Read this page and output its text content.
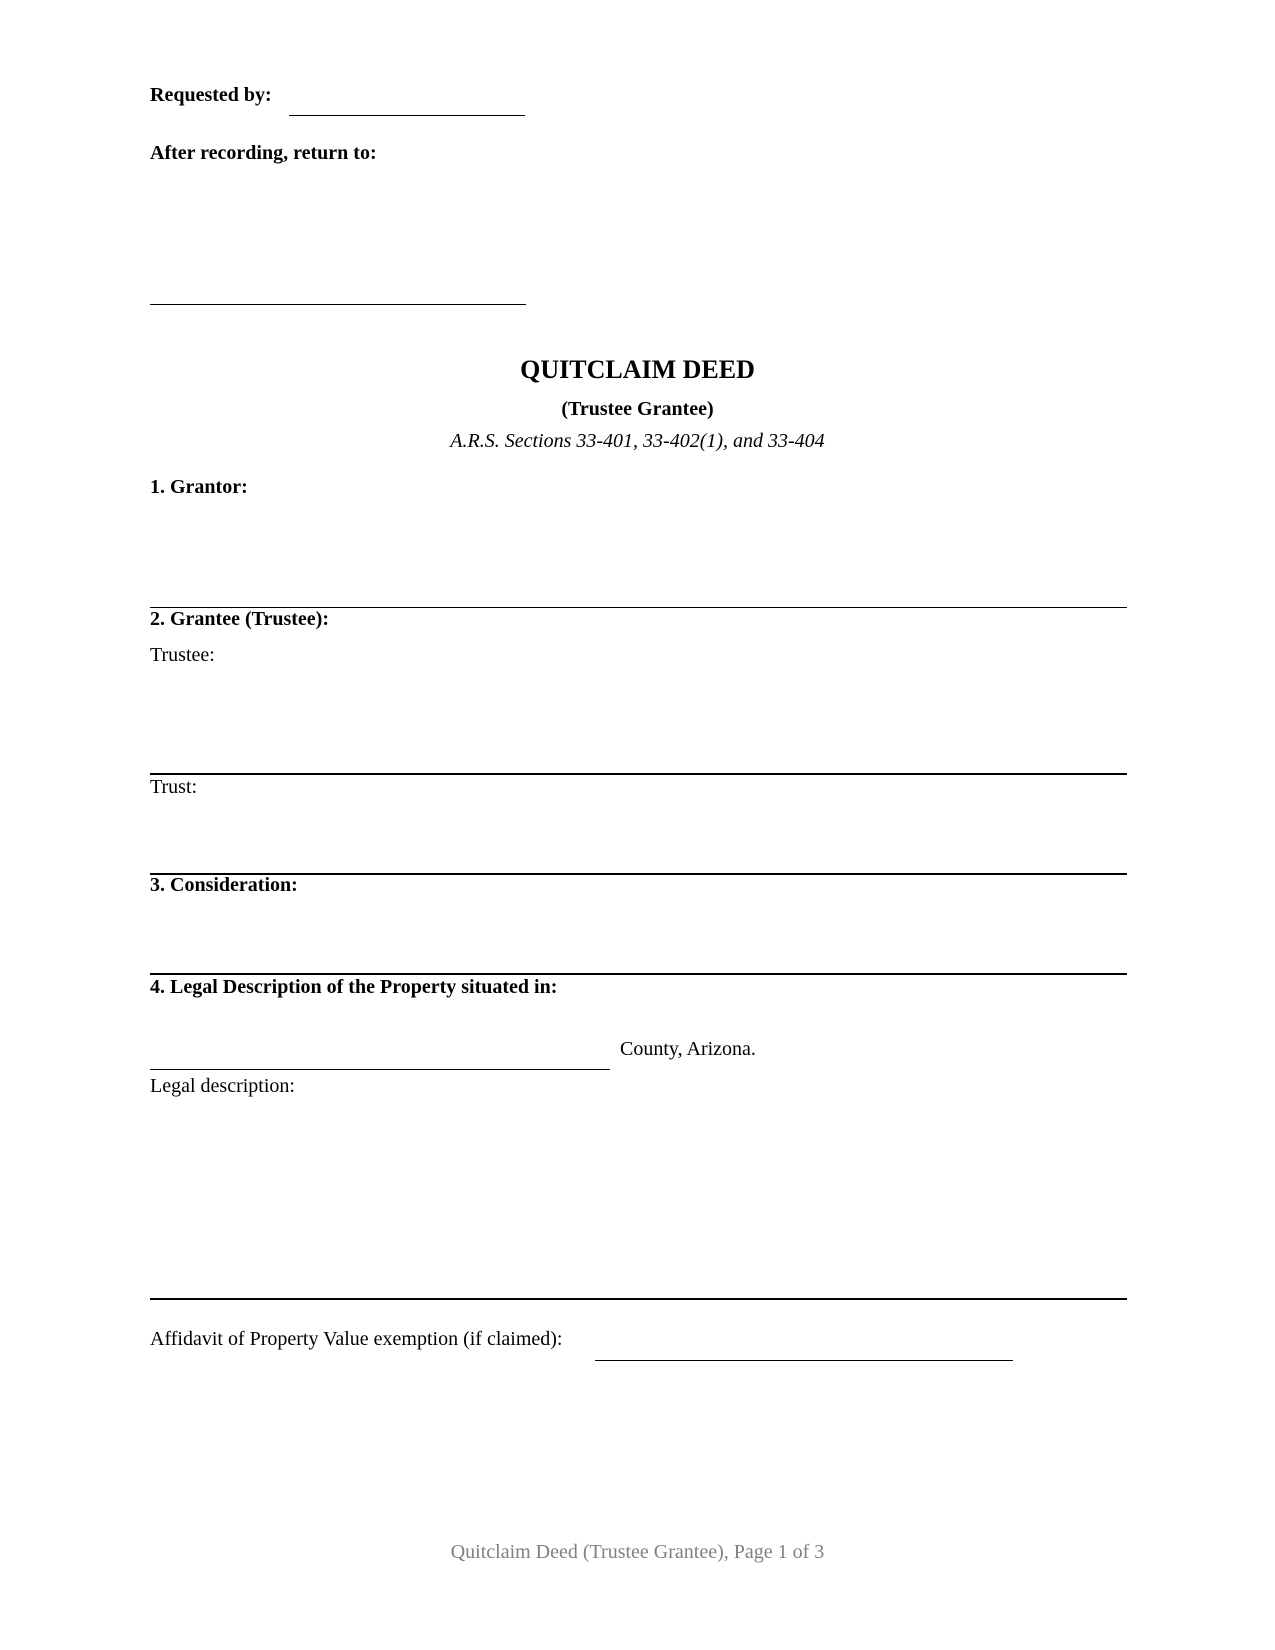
Requested by:
After recording, return to:
QUITCLAIM DEED
(Trustee Grantee)
A.R.S. Sections 33-401, 33-402(1), and 33-404
1. Grantor:
2. Grantee (Trustee):
Trustee:
Trust:
3. Consideration:
4. Legal Description of the Property situated in:
County, Arizona.
Legal description:
Affidavit of Property Value exemption (if claimed):
Quitclaim Deed (Trustee Grantee), Page 1 of 3
